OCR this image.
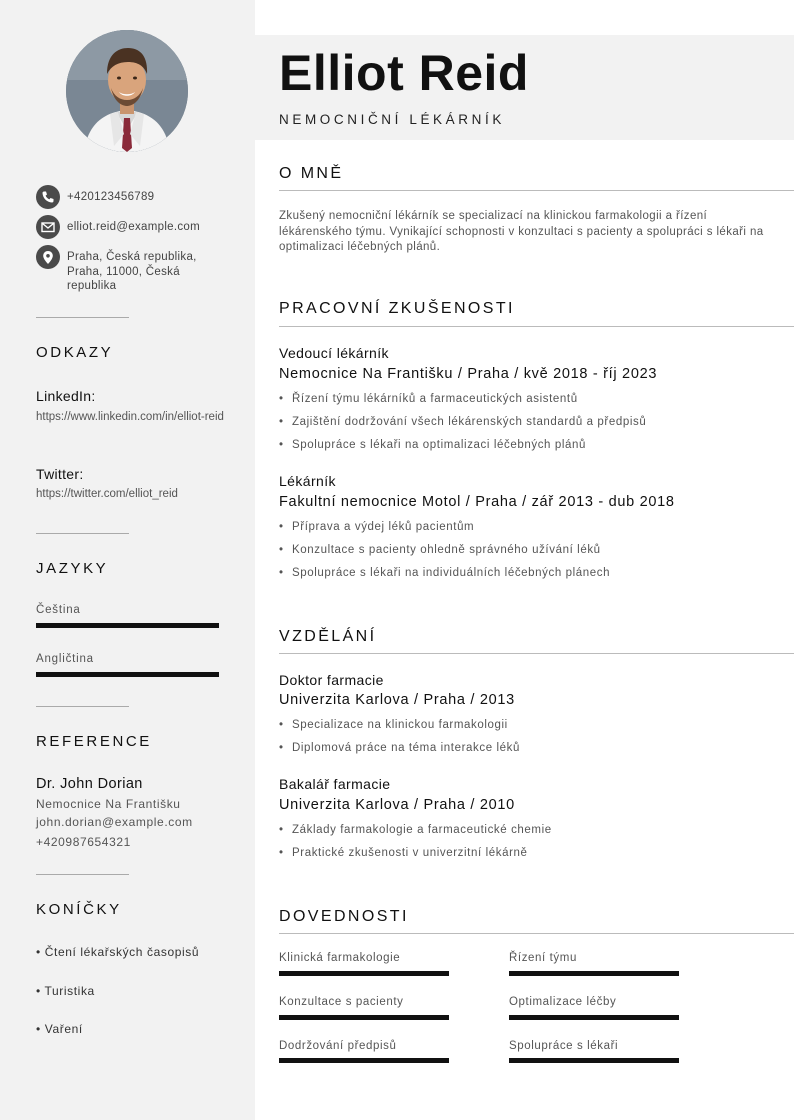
+420123456789
elliot.reid@example.com
Praha, Česká republika, Praha, 11000, Česká republika
ODKAZY
LinkedIn:
https://www.linkedin.com/in/elliot-reid
Twitter:
https://twitter.com/elliot_reid
JAZYKY
Čeština
Angličtina
REFERENCE
Dr. John Dorian
Nemocnice Na Františku
john.dorian@example.com
+420987654321
KONÍČKY
• Čtení lékařských časopisů
• Turistika
• Vaření
Elliot Reid
NEMOCNIČNÍ LÉKÁRNÍK
O MNĚ
Zkušený nemocniční lékárník se specializací na klinickou farmakologii a řízení lékárenského týmu. Vynikající schopnosti v konzultaci s pacienty a spolupráci s lékaři na optimalizaci léčebných plánů.
PRACOVNÍ ZKUŠENOSTI
Vedoucí lékárník
Nemocnice Na Františku / Praha / kvě 2018 - říj 2023
• Řízení týmu lékárníků a farmaceutických asistentů
• Zajištění dodržování všech lékárenských standardů a předpisů
• Spolupráce s lékaři na optimalizaci léčebných plánů
Lékárník
Fakultní nemocnice Motol / Praha / zář 2013 - dub 2018
• Příprava a výdej léků pacientům
• Konzultace s pacienty ohledně správného užívání léků
• Spolupráce s lékaři na individuálních léčebných plánech
VZDĚLÁNÍ
Doktor farmacie
Univerzita Karlova / Praha / 2013
• Specializace na klinickou farmakologii
• Diplomová práce na téma interakce léků
Bakalář farmacie
Univerzita Karlova / Praha / 2010
• Základy farmakologie a farmaceutické chemie
• Praktické zkušenosti v univerzitní lékárně
DOVEDNOSTI
Klinická farmakologie	Řízení týmu
Konzultace s pacienty	Optimalizace léčby
Dodržování předpisů	Spolupráce s lékaři
